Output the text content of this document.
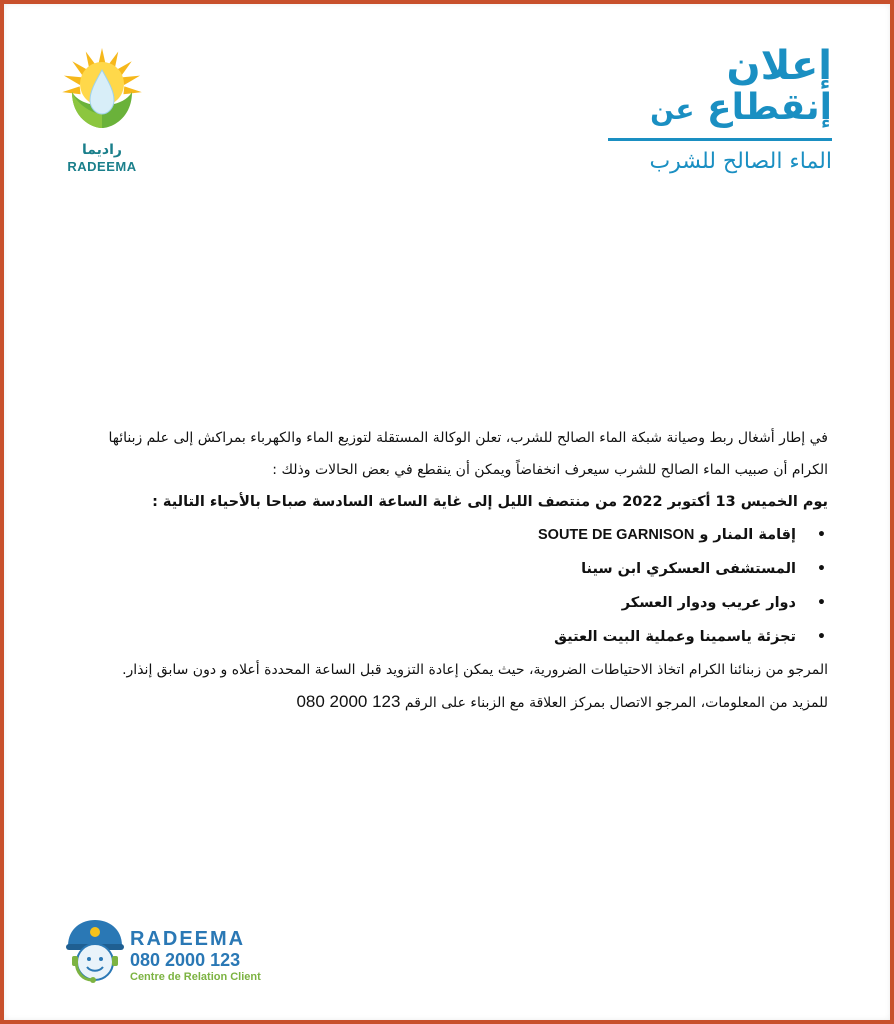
راديما
RADEEMA
إعلان
إنقطاع عن
الماء الصالح للشرب

في إطار أشغال ربط وصيانة شبكة الماء الصالح للشرب، تعلن الوكالة المستقلة لتوزيع الماء والكهرباء بمراكش إلى علم زبنائها

الكرام أن صبيب الماء الصالح للشرب سيعرف انخفاضاً ويمكن أن ينقطع في بعض الحالات وذلك :

يوم الخميس 13 أكتوبر 2022 من منتصف الليل إلى غاية الساعة السادسة صباحا بالأحياء التالية :

•
إقامة المنار و SOUTE DE GARNISON
•
المستشفى العسكري ابن سينا
•
دوار عريب ودوار العسكر
•
تجزئة ياسمينا وعملية البيت العتيق

المرجو من زبنائنا الكرام اتخاذ الاحتياطات الضرورية، حيث يمكن إعادة التزويد قبل الساعة المحددة أعلاه و دون سابق إنذار.

للمزيد من المعلومات، المرجو الاتصال بمركز العلاقة مع الزبناء على الرقم 080 2000 123

RADEEMA
080 2000 123
Centre de Relation Client
